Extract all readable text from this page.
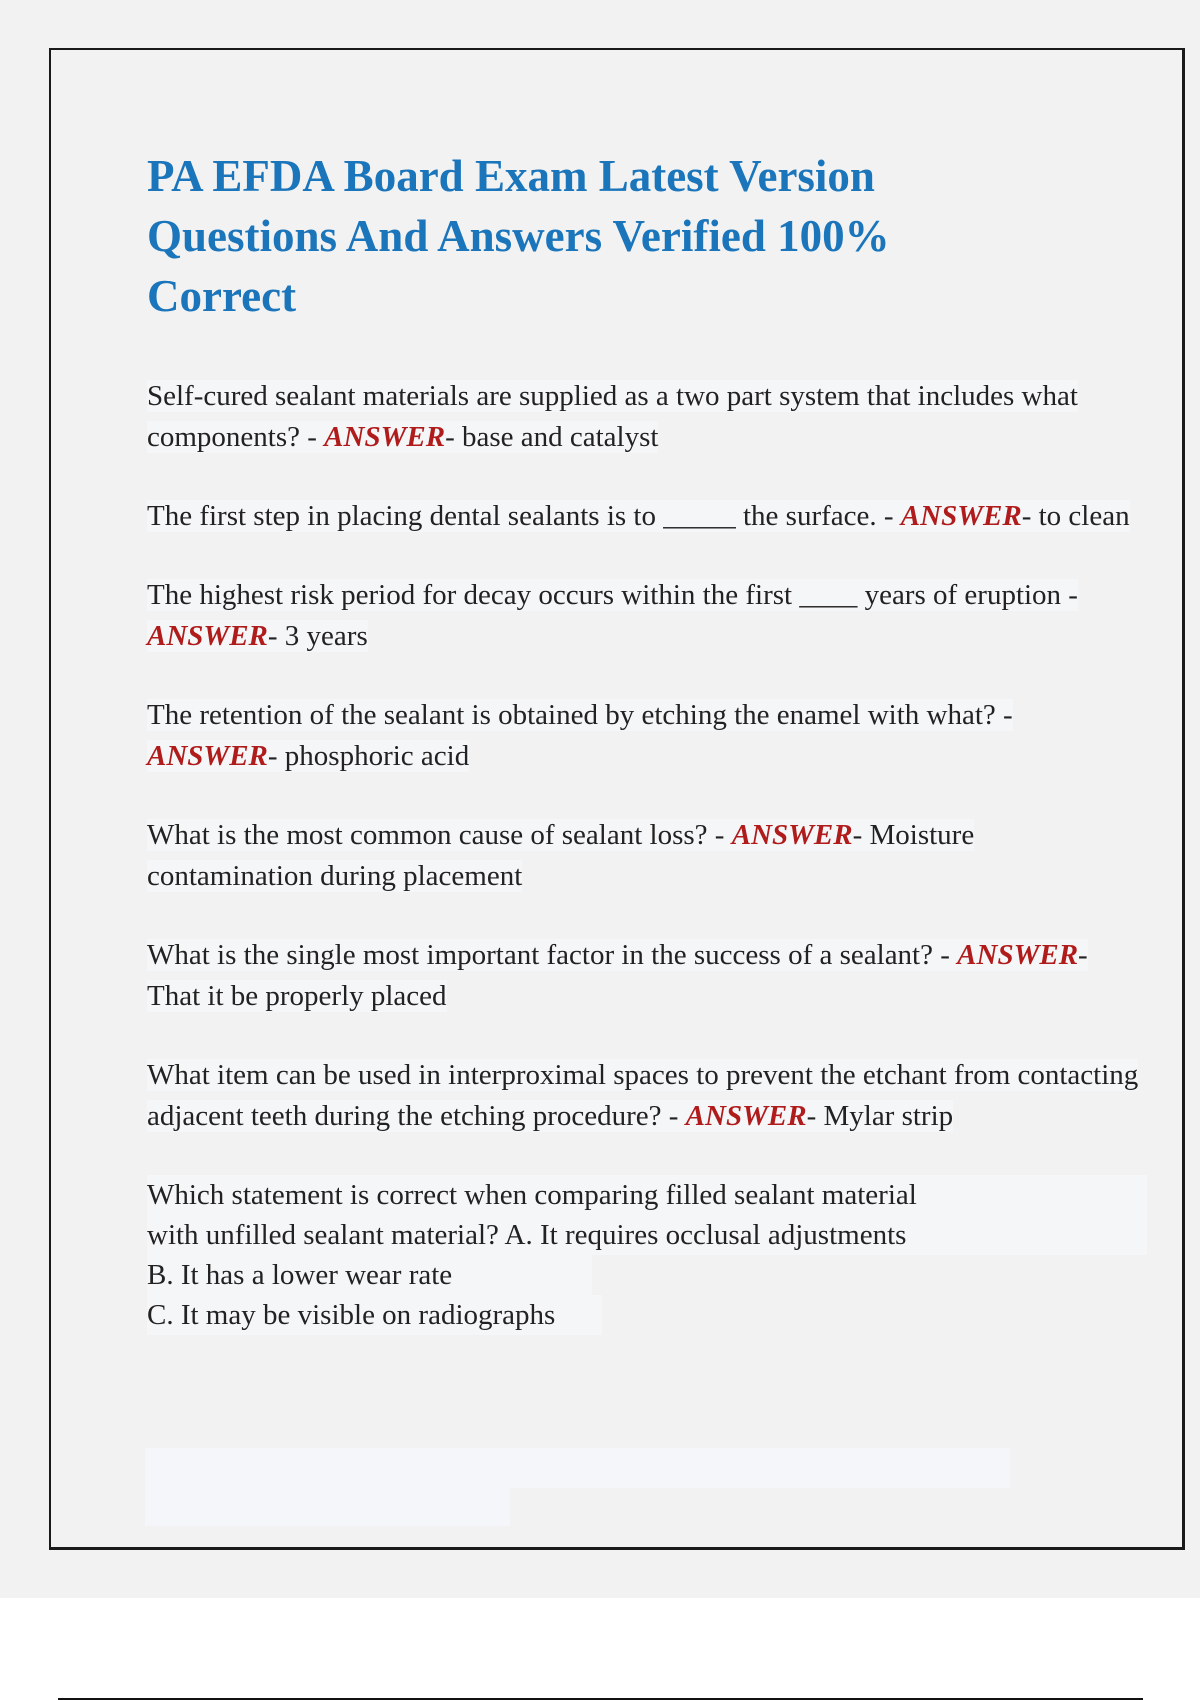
PA EFDA Board Exam Latest Version Questions And Answers Verified 100% Correct

Self-cured sealant materials are supplied as a two part system that includes what components? - ANSWER- base and catalyst

The first step in placing dental sealants is to _____ the surface. - ANSWER- to clean

The highest risk period for decay occurs within the first ____ years of eruption - ANSWER- 3 years

The retention of the sealant is obtained by etching the enamel with what? - ANSWER- phosphoric acid

What is the most common cause of sealant loss? - ANSWER- Moisture contamination during placement

What is the single most important factor in the success of a sealant? - ANSWER- That it be properly placed

What item can be used in interproximal spaces to prevent the etchant from contacting adjacent teeth during the etching procedure? - ANSWER- Mylar strip

Which statement is correct when comparing filled sealant material
with unfilled sealant material? A. It requires occlusal adjustments
B. It has a lower wear rate
C. It may be visible on radiographs
